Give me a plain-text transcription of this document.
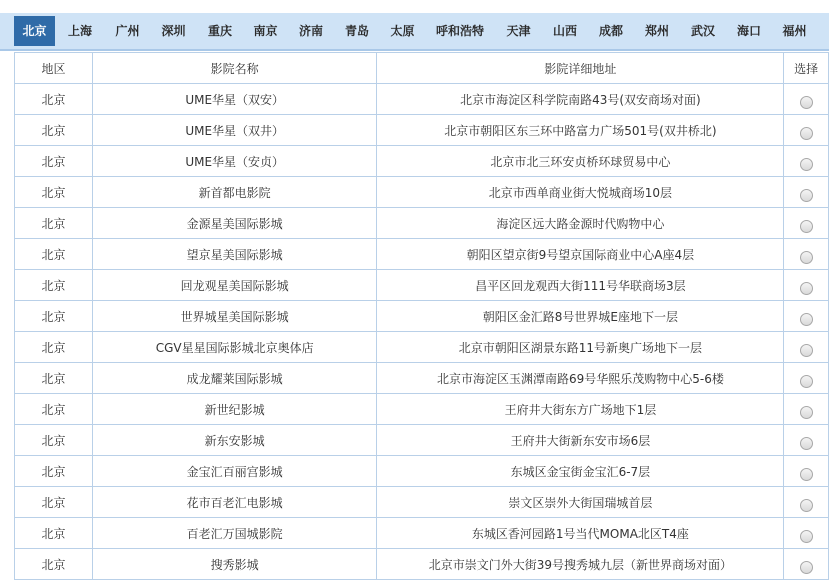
北京	上海	广州	深圳	重庆	南京	济南	青岛	太原	呼和浩特	天津	山西	成都	郑州	武汉	海口	福州
地区	影院名称	影院详细地址	选择
北京	UME华星（双安）	北京市海淀区科学院南路43号(双安商场对面)	
北京	UME华星（双井）	北京市朝阳区东三环中路富力广场501号(双井桥北)	
北京	UME华星（安贞）	北京市北三环安贞桥环球贸易中心	
北京	新首都电影院	北京市西单商业街大悦城商场10层	
北京	金源星美国际影城	海淀区远大路金源时代购物中心	
北京	望京星美国际影城	朝阳区望京街9号望京国际商业中心A座4层	
北京	回龙观星美国际影城	昌平区回龙观西大街111号华联商场3层	
北京	世界城星美国际影城	朝阳区金汇路8号世界城E座地下一层	
北京	CGV星星国际影城北京奥体店	北京市朝阳区湖景东路11号新奥广场地下一层	
北京	成龙耀莱国际影城	北京市海淀区玉渊潭南路69号华熙乐茂购物中心5-6楼	
北京	新世纪影城	王府井大街东方广场地下1层	
北京	新东安影城	王府井大街新东安市场6层	
北京	金宝汇百丽宫影城	东城区金宝街金宝汇6-7层	
北京	花市百老汇电影城	崇文区崇外大街国瑞城首层	
北京	百老汇万国城影院	东城区香河园路1号当代MOMA北区T4座	
北京	搜秀影城	北京市崇文门外大街39号搜秀城九层（新世界商场对面）	
